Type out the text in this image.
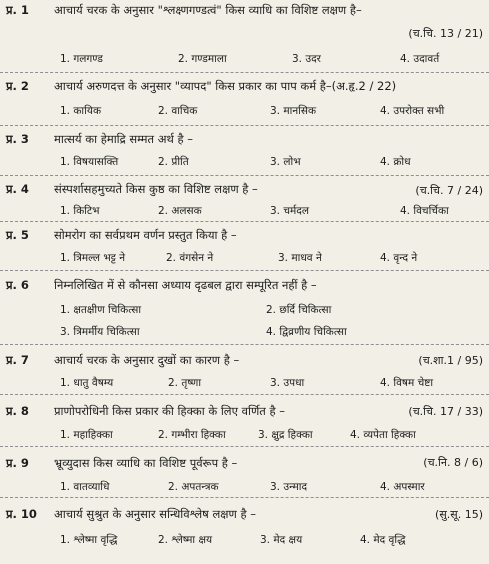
प्र. 1 आचार्य चरक के अनुसार "श्लक्ष्णगण्डत्वं" किस व्याधि का विशिष्ट लक्षण है–
(च.चि. 13 / 21)
1. गलगण्ड	2. गण्डमाला	3. उदर	4. उदावर्त
प्र. 2 आचार्य अरुणदत्त के अनुसार "व्यापद" किस प्रकार का पाप कर्म है–(अ.हृ.2 / 22)
1. कायिक	2. वाचिक	3. मानसिक	4. उपरोक्त सभी
प्र. 3 मात्सर्य का हेमाद्रि सम्मत अर्थ है –
1. विषयासक्ति	2. प्रीति	3. लोभ	4. क्रोध
प्र. 4 संस्पर्शासहमुच्यते किस कुष्ठ का विशिष्ट लक्षण है –	(च.चि. 7 / 24)
1. किटिभ	2. अलसक	3. चर्मदल	4. विचर्चिका
प्र. 5 सोमरोग का सर्वप्रथम वर्णन प्रस्तुत किया है –
1. त्रिमल्ल भट्ट ने	2. वंगसेन ने	3. माधव ने	4. वृन्द ने
प्र. 6 निम्नलिखित में से कौनसा अध्याय दृढबल द्वारा सम्पूरित नहीं है –
1. क्षतक्षीण चिकित्सा	2. छर्दि चिकित्सा
3. त्रिमर्मीय चिकित्सा	4. द्विव्रणीय चिकित्सा
प्र. 7 आचार्य चरक के अनुसार दुखों का कारण है –	(च.शा.1 / 95)
1. धातु वैषम्य	2. तृष्णा	3. उपधा	4. विषम चेष्टा
प्र. 8 प्राणोपरोधिनी किस प्रकार की हिक्का के लिए वर्णित है –	(च.चि. 17 / 33)
1. महाहिक्का	2. गम्भीरा हिक्का	3. क्षुद्र हिक्का	4. व्यपेता हिक्का
प्र. 9 भ्रूव्युदास किस व्याधि का विशिष्ट पूर्वरूप है –	(च.नि. 8 / 6)
1. वातव्याधि	2. अपतन्त्रक	3. उन्माद	4. अपस्मार
प्र. 10 आचार्य सुश्रुत के अनुसार सन्धिविश्लेष लक्षण है –	(सु.सू. 15)
1. श्लेष्मा वृद्धि	2. श्लेष्मा क्षय	3. मेद क्षय	4. मेद वृद्धि
